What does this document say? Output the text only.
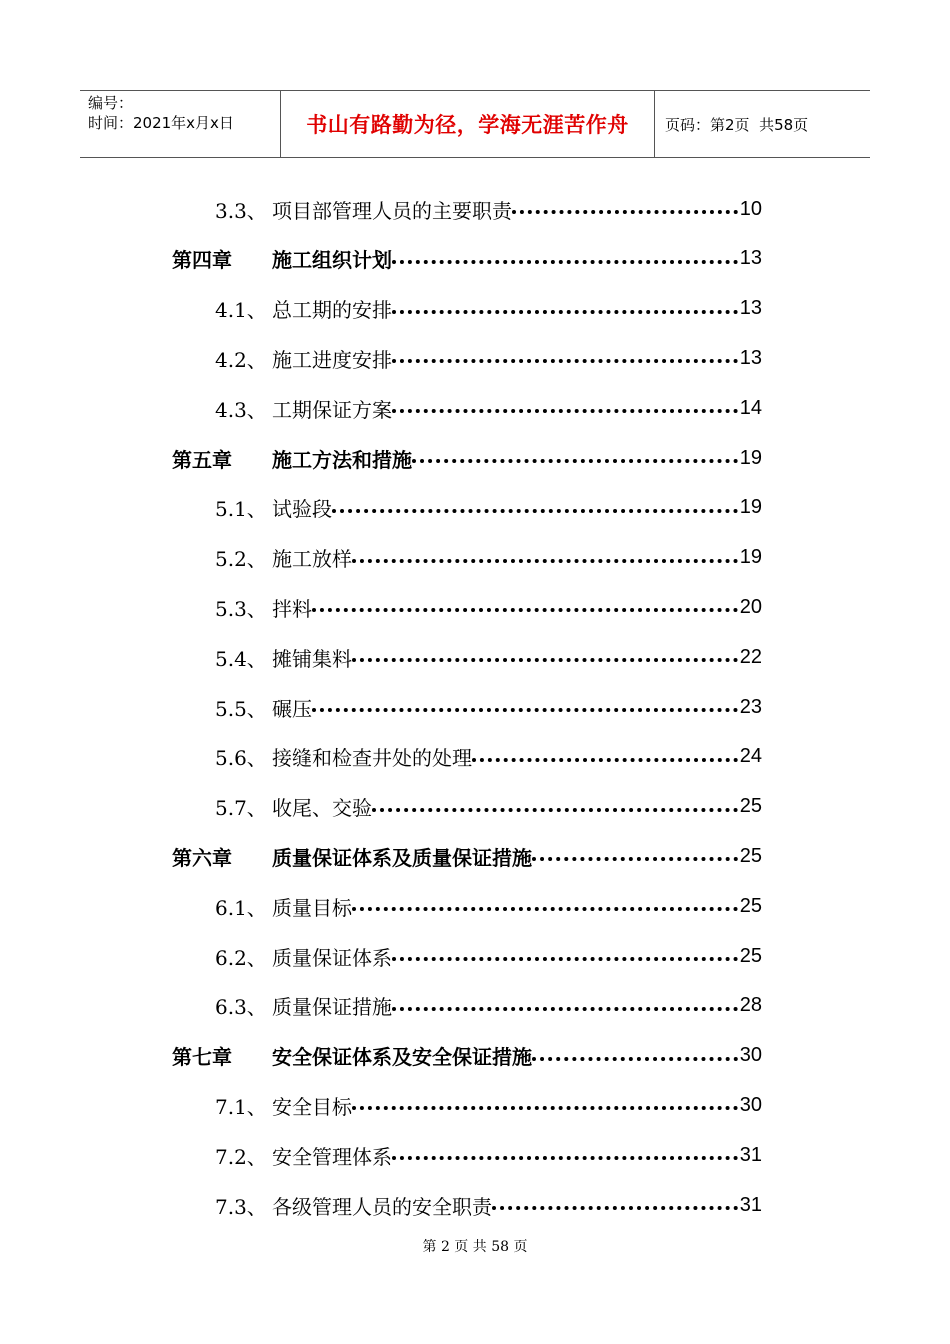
编号：
时间：2021年x月x日	书山有路勤为径，学海无涯苦作舟 页码：第2页  共58页
3.3、 项目部管理人员的主要职责	10
第四章	施工组织计划	13
4.1、 总工期的安排	13
4.2、 施工进度安排	13
4.3、 工期保证方案	14
第五章	施工方法和措施	19
5.1、 试验段	19
5.2、 施工放样	19
5.3、 拌料	20
5.4、 摊铺集料	22
5.5、 碾压	23
5.6、 接缝和检查井处的处理	24
5.7、 收尾、交验	25
第六章	质量保证体系及质量保证措施	25
6.1、 质量目标	25
6.2、 质量保证体系	25
6.3、 质量保证措施	28
第七章	安全保证体系及安全保证措施	30
7.1、 安全目标	30
7.2、 安全管理体系	31
7.3、 各级管理人员的安全职责	31
第 2 页 共 58 页
